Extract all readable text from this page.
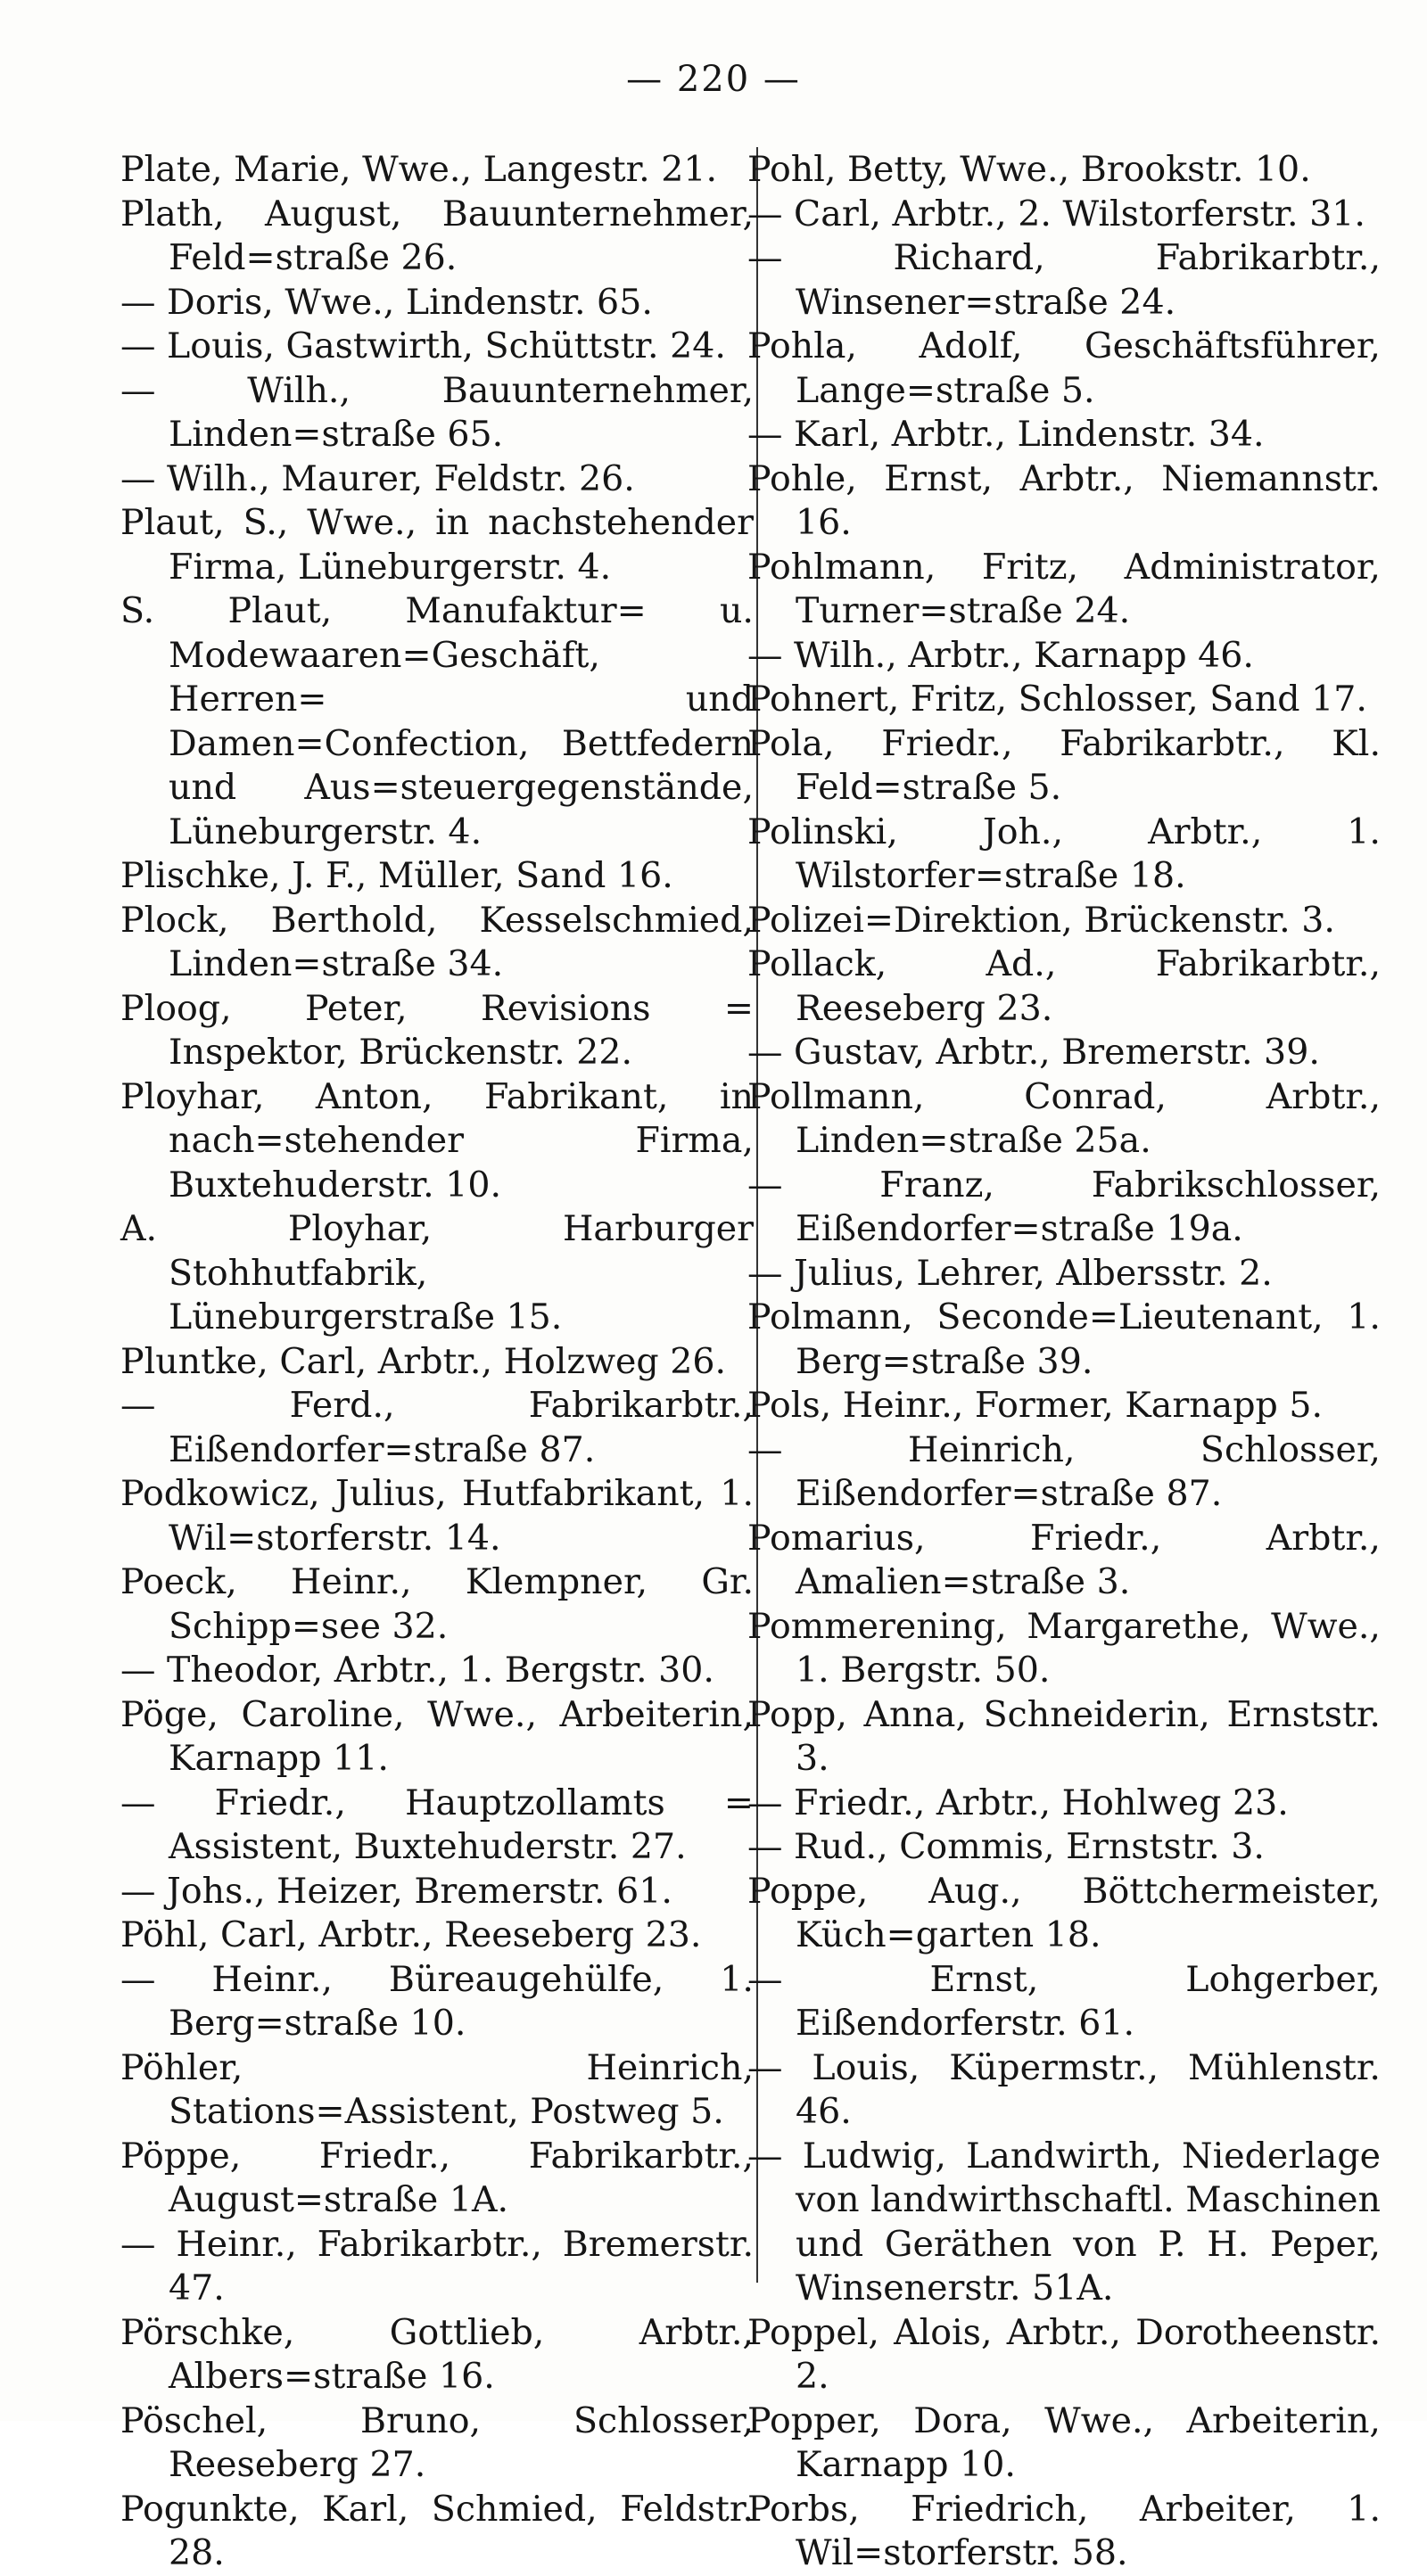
— 220 —

Plate, Marie, Wwe., Langestr. 21.

Plath, August, Bauunternehmer, Feld=straße 26.

— Doris, Wwe., Lindenstr. 65.

— Louis, Gastwirth, Schüttstr. 24.

— Wilh., Bauunternehmer, Linden=straße 65.

— Wilh., Maurer, Feldstr. 26.

Plaut, S., Wwe., in nachstehender Firma, Lüneburgerstr. 4.

S. Plaut, Manufaktur= u. Modewaaren=Geschäft, Herren= und Damen=Confection, Bettfedern und Aus=steuergegenstände, Lüneburgerstr. 4.

Plischke, J. F., Müller, Sand 16.

Plock, Berthold, Kesselschmied, Linden=straße 34.

Ploog, Peter, Revisions = Inspektor, Brückenstr. 22.

Ployhar, Anton, Fabrikant, in nach=stehender Firma, Buxtehuderstr. 10.

A. Ployhar, Harburger Stohhutfabrik, Lüneburgerstraße 15.

Pluntke, Carl, Arbtr., Holzweg 26.

— Ferd., Fabrikarbtr., Eißendorfer=straße 87.

Podkowicz, Julius, Hutfabrikant, 1. Wil=storferstr. 14.

Poeck, Heinr., Klempner, Gr. Schipp=see 32.

— Theodor, Arbtr., 1. Bergstr. 30.

Pöge, Caroline, Wwe., Arbeiterin, Karnapp 11.

— Friedr., Hauptzollamts = Assistent, Buxtehuderstr. 27.

— Johs., Heizer, Bremerstr. 61.

Pöhl, Carl, Arbtr., Reeseberg 23.

— Heinr., Büreaugehülfe, 1. Berg=straße 10.

Pöhler, Heinrich, Stations=Assistent, Postweg 5.

Pöppe, Friedr., Fabrikarbtr., August=straße 1A.

— Heinr., Fabrikarbtr., Bremerstr. 47.

Pörschke, Gottlieb, Arbtr., Albers=straße 16.

Pöschel, Bruno, Schlosser, Reeseberg 27.

Pogunkte, Karl, Schmied, Feldstr. 28.

Pohl, Betty, Wwe., Brookstr. 10.

— Carl, Arbtr., 2. Wilstorferstr. 31.

— Richard, Fabrikarbtr., Winsener=straße 24.

Pohla, Adolf, Geschäftsführer, Lange=straße 5.

— Karl, Arbtr., Lindenstr. 34.

Pohle, Ernst, Arbtr., Niemannstr. 16.

Pohlmann, Fritz, Administrator, Turner=straße 24.

— Wilh., Arbtr., Karnapp 46.

Pohnert, Fritz, Schlosser, Sand 17.

Pola, Friedr., Fabrikarbtr., Kl. Feld=straße 5.

Polinski, Joh., Arbtr., 1. Wilstorfer=straße 18.

Polizei=Direktion, Brückenstr. 3.

Pollack, Ad., Fabrikarbtr., Reeseberg 23.

— Gustav, Arbtr., Bremerstr. 39.

Pollmann, Conrad, Arbtr., Linden=straße 25a.

— Franz, Fabrikschlosser, Eißendorfer=straße 19a.

— Julius, Lehrer, Albersstr. 2.

Polmann, Seconde=Lieutenant, 1. Berg=straße 39.

Pols, Heinr., Former, Karnapp 5.

— Heinrich, Schlosser, Eißendorfer=straße 87.

Pomarius, Friedr., Arbtr., Amalien=straße 3.

Pommerening, Margarethe, Wwe., 1. Bergstr. 50.

Popp, Anna, Schneiderin, Ernststr. 3.

— Friedr., Arbtr., Hohlweg 23.

— Rud., Commis, Ernststr. 3.

Poppe, Aug., Böttchermeister, Küch=garten 18.

— Ernst, Lohgerber, Eißendorferstr. 61.

— Louis, Küpermstr., Mühlenstr. 46.

— Ludwig, Landwirth, Niederlage von landwirthschaftl. Maschinen und Geräthen von P. H. Peper, Winsenerstr. 51A.

Poppel, Alois, Arbtr., Dorotheenstr. 2.

Popper, Dora, Wwe., Arbeiterin, Karnapp 10.

Porbs, Friedrich, Arbeiter, 1. Wil=storferstr. 58.
